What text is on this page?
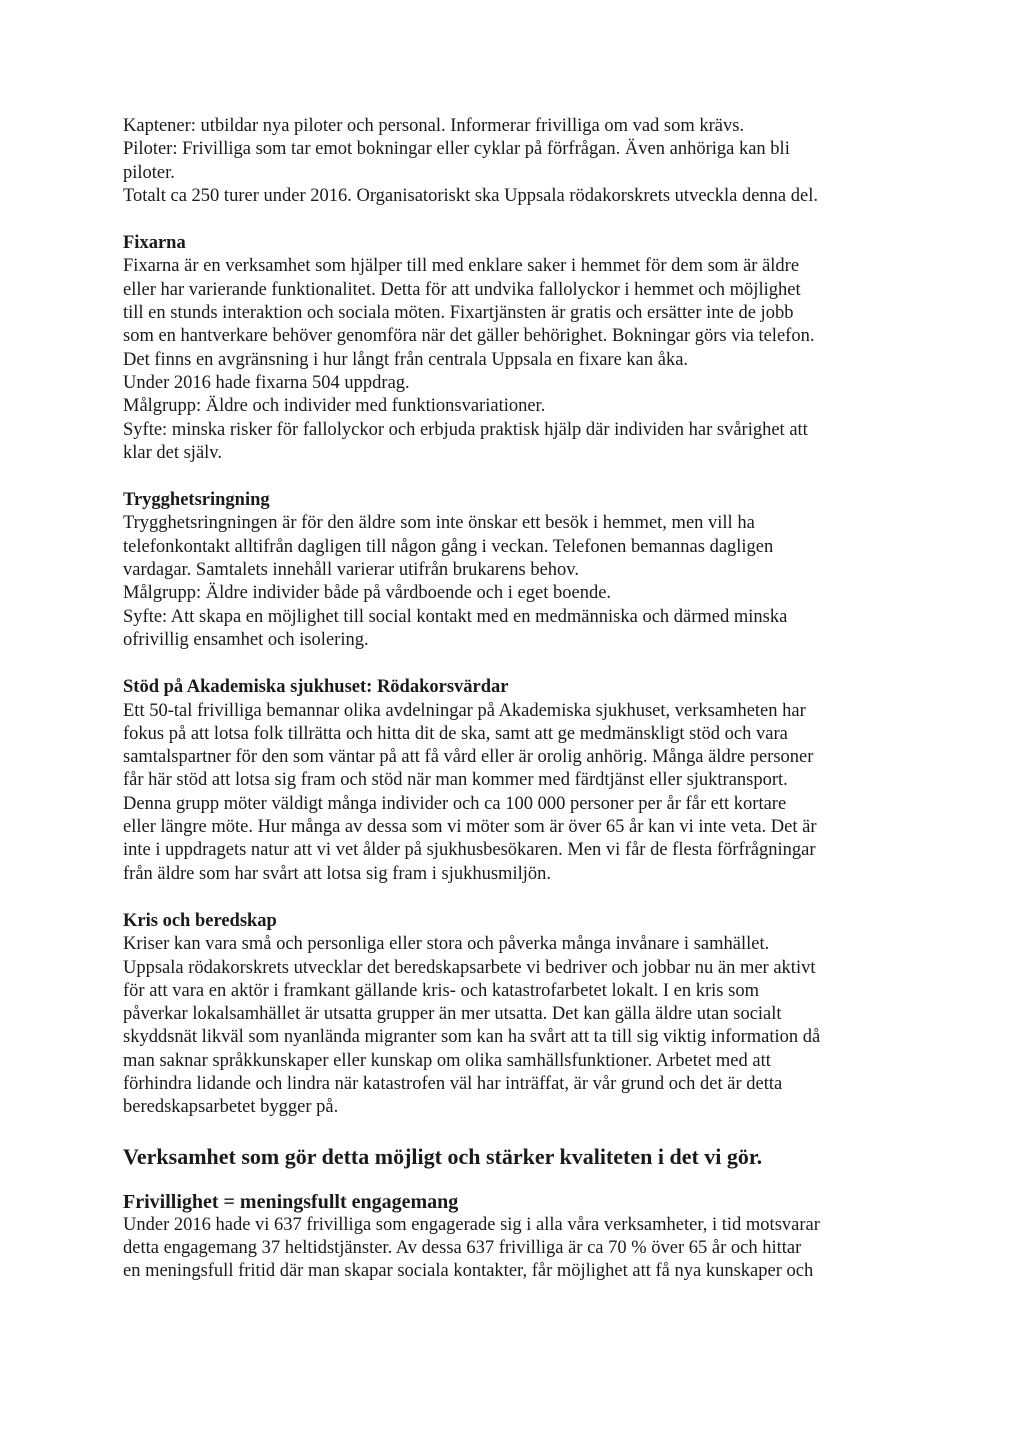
Kaptener: utbildar nya piloter och personal. Informerar frivilliga om vad som krävs.
Piloter: Frivilliga som tar emot bokningar eller cyklar på förfrågan. Även anhöriga kan bli
piloter.
Totalt ca 250 turer under 2016. Organisatoriskt ska Uppsala rödakorskrets utveckla denna del.
Fixarna
Fixarna är en verksamhet som hjälper till med enklare saker i hemmet för dem som är äldre
eller har varierande funktionalitet. Detta för att undvika fallolyckor i hemmet och möjlighet
till en stunds interaktion och sociala möten. Fixartjänsten är gratis och ersätter inte de jobb
som en hantverkare behöver genomföra när det gäller behörighet. Bokningar görs via telefon.
Det finns en avgränsning i hur långt från centrala Uppsala en fixare kan åka.
Under 2016 hade fixarna 504 uppdrag.
Målgrupp: Äldre och individer med funktionsvariationer.
Syfte: minska risker för fallolyckor och erbjuda praktisk hjälp där individen har svårighet att
klar det själv.
Trygghetsringning
Trygghetsringningen är för den äldre som inte önskar ett besök i hemmet, men vill ha
telefonkontakt alltifrån dagligen till någon gång i veckan. Telefonen bemannas dagligen
vardagar. Samtalets innehåll varierar utifrån brukarens behov.
Målgrupp: Äldre individer både på vårdboende och i eget boende.
Syfte: Att skapa en möjlighet till social kontakt med en medmänniska och därmed minska
ofrivillig ensamhet och isolering.
Stöd på Akademiska sjukhuset: Rödakorsvärdar
Ett 50-tal frivilliga bemannar olika avdelningar på Akademiska sjukhuset, verksamheten har
fokus på att lotsa folk tillrätta och hitta dit de ska, samt att ge medmänskligt stöd och vara
samtalspartner för den som väntar på att få vård eller är orolig anhörig. Många äldre personer
får här stöd att lotsa sig fram och stöd när man kommer med färdtjänst eller sjuktransport.
Denna grupp möter väldigt många individer och ca 100 000 personer per år får ett kortare
eller längre möte. Hur många av dessa som vi möter som är över 65 år kan vi inte veta. Det är
inte i uppdragets natur att vi vet ålder på sjukhusbesökaren. Men vi får de flesta förfrågningar
från äldre som har svårt att lotsa sig fram i sjukhusmiljön.
Kris och beredskap
Kriser kan vara små och personliga eller stora och påverka många invånare i samhället.
Uppsala rödakorskrets utvecklar det beredskapsarbete vi bedriver och jobbar nu än mer aktivt
för att vara en aktör i framkant gällande kris- och katastrofarbetet lokalt. I en kris som
påverkar lokalsamhället är utsatta grupper än mer utsatta. Det kan gälla äldre utan socialt
skyddsnät likväl som nyanlända migranter som kan ha svårt att ta till sig viktig information då
man saknar språkkunskaper eller kunskap om olika samhällsfunktioner. Arbetet med att
förhindra lidande och lindra när katastrofen väl har inträffat, är vår grund och det är detta
beredskapsarbetet bygger på.
Verksamhet som gör detta möjligt och stärker kvaliteten i det vi gör.
Frivillighet = meningsfullt engagemang
Under 2016 hade vi 637 frivilliga som engagerade sig i alla våra verksamheter, i tid motsvarar
detta engagemang 37 heltidstjänster. Av dessa 637 frivilliga är ca 70 % över 65 år och hittar
en meningsfull fritid där man skapar sociala kontakter, får möjlighet att få nya kunskaper och
